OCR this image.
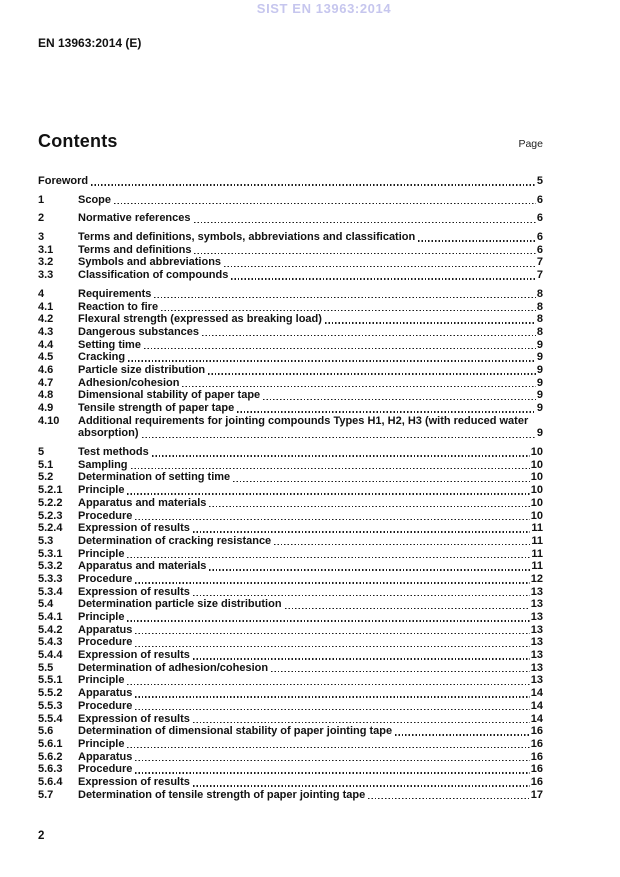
SIST EN 13963:2014
EN 13963:2014 (E)
Contents	Page
Foreword	5
1	Scope	6
2	Normative references	6
3	Terms and definitions, symbols, abbreviations and classification	6
3.1	Terms and definitions	6
3.2	Symbols and abbreviations	7
3.3	Classification of compounds	7
4	Requirements	8
4.1	Reaction to fire	8
4.2	Flexural strength (expressed as breaking load)	8
4.3	Dangerous substances	8
4.4	Setting time	9
4.5	Cracking	9
4.6	Particle size distribution	9
4.7	Adhesion/cohesion	9
4.8	Dimensional stability of paper tape	9
4.9	Tensile strength of paper tape	9
4.10	Additional requirements for jointing compounds Types H1, H2, H3 (with reduced water
absorption)	9
5	Test methods	10
5.1	Sampling	10
5.2	Determination of setting time	10
5.2.1	Principle	10
5.2.2	Apparatus and materials	10
5.2.3	Procedure	10
5.2.4	Expression of results	11
5.3	Determination of cracking resistance	11
5.3.1	Principle	11
5.3.2	Apparatus and materials	11
5.3.3	Procedure	12
5.3.4	Expression of results	13
5.4	Determination particle size distribution	13
5.4.1	Principle	13
5.4.2	Apparatus	13
5.4.3	Procedure	13
5.4.4	Expression of results	13
5.5	Determination of adhesion/cohesion	13
5.5.1	Principle	13
5.5.2	Apparatus	14
5.5.3	Procedure	14
5.5.4	Expression of results	14
5.6	Determination of dimensional stability of paper jointing tape	16
5.6.1	Principle	16
5.6.2	Apparatus	16
5.6.3	Procedure	16
5.6.4	Expression of results	16
5.7	Determination of tensile strength of paper jointing tape	17
2
